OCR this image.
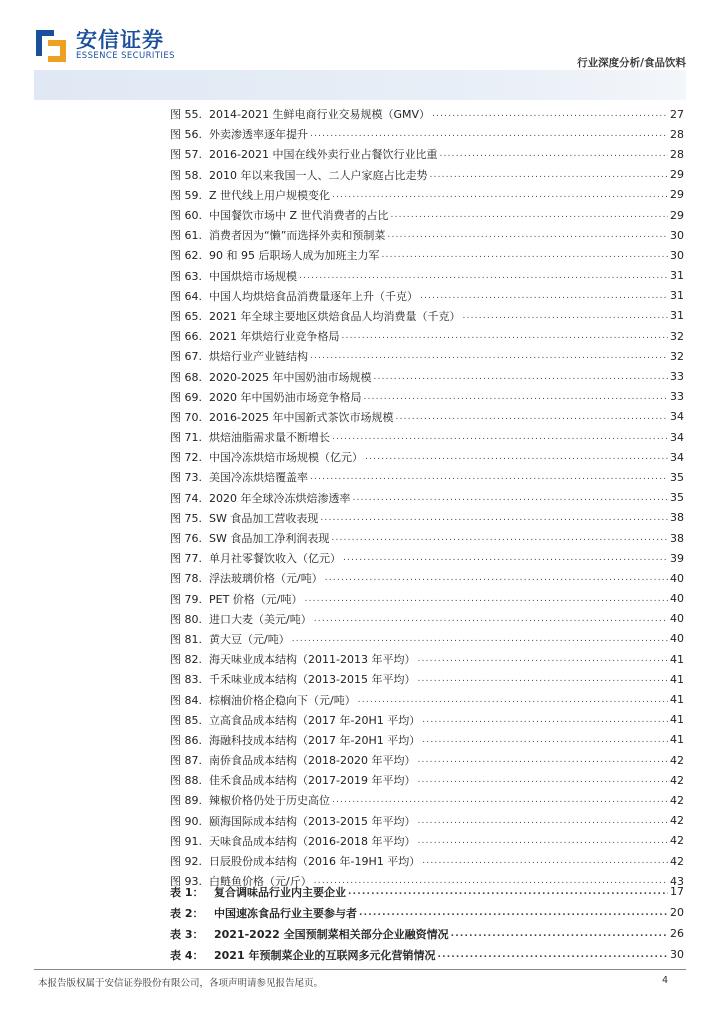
安信证券
ESSENCE SECURITIES
行业深度分析/食品饮料
图 55. 2014-2021 生鲜电商行业交易规模（GMV） .....	27
图 56. 外卖渗透率逐年提升 .....	28
图 57. 2016-2021 中国在线外卖行业占餐饮行业比重 .....	28
图 58. 2010 年以来我国一人、二人户家庭占比走势 .....	29
图 59. Z 世代线上用户规模变化 .....	29
图 60. 中国餐饮市场中 Z 世代消费者的占比 .....	29
图 61. 消费者因为“懒”而选择外卖和预制菜 .....	30
图 62. 90 和 95 后职场人成为加班主力军 .....	30
图 63. 中国烘焙市场规模 .....	31
图 64. 中国人均烘焙食品消费量逐年上升（千克） .....	31
图 65. 2021 年全球主要地区烘焙食品人均消费量（千克） .....	31
图 66. 2021 年烘焙行业竞争格局 .....	32
图 67. 烘焙行业产业链结构 .....	32
图 68. 2020-2025 年中国奶油市场规模 .....	33
图 69. 2020 年中国奶油市场竞争格局 .....	33
图 70. 2016-2025 年中国新式茶饮市场规模 .....	34
图 71. 烘焙油脂需求量不断增长 .....	34
图 72. 中国冷冻烘焙市场规模（亿元） .....	34
图 73. 美国冷冻烘焙覆盖率 .....	35
图 74. 2020 年全球冷冻烘焙渗透率 .....	35
图 75. SW 食品加工营收表现 .....	38
图 76. SW 食品加工净利润表现 .....	38
图 77. 单月社零餐饮收入（亿元） .....	39
图 78. 浮法玻璃价格（元/吨） .....	40
图 79. PET 价格（元/吨） .....	40
图 80. 进口大麦（美元/吨） .....	40
图 81. 黄大豆（元/吨） .....	40
图 82. 海天味业成本结构（2011-2013 年平均） .....	41
图 83. 千禾味业成本结构（2013-2015 年平均） .....	41
图 84. 棕榈油价格企稳向下（元/吨） .....	41
图 85. 立高食品成本结构（2017 年-20H1 平均） .....	41
图 86. 海融科技成本结构（2017 年-20H1 平均） .....	41
图 87. 南侨食品成本结构（2018-2020 年平均） .....	42
图 88. 佳禾食品成本结构（2017-2019 年平均） .....	42
图 89. 辣椒价格仍处于历史高位 .....	42
图 90. 颐海国际成本结构（2013-2015 年平均） .....	42
图 91. 天味食品成本结构（2016-2018 年平均） .....	42
图 92. 日辰股份成本结构（2016 年-19H1 平均） .....	42
图 93. 白鲢鱼价格（元/斤） .....	43
表 1： 复合调味品行业内主要企业 .....	17
表 2： 中国速冻食品行业主要参与者 .....	20
表 3： 2021-2022 全国预制菜相关部分企业融资情况 .....	26
表 4： 2021 年预制菜企业的互联网多元化营销情况 .....	30
本报告版权属于安信证券股份有限公司，各项声明请参见报告尾页。	4
